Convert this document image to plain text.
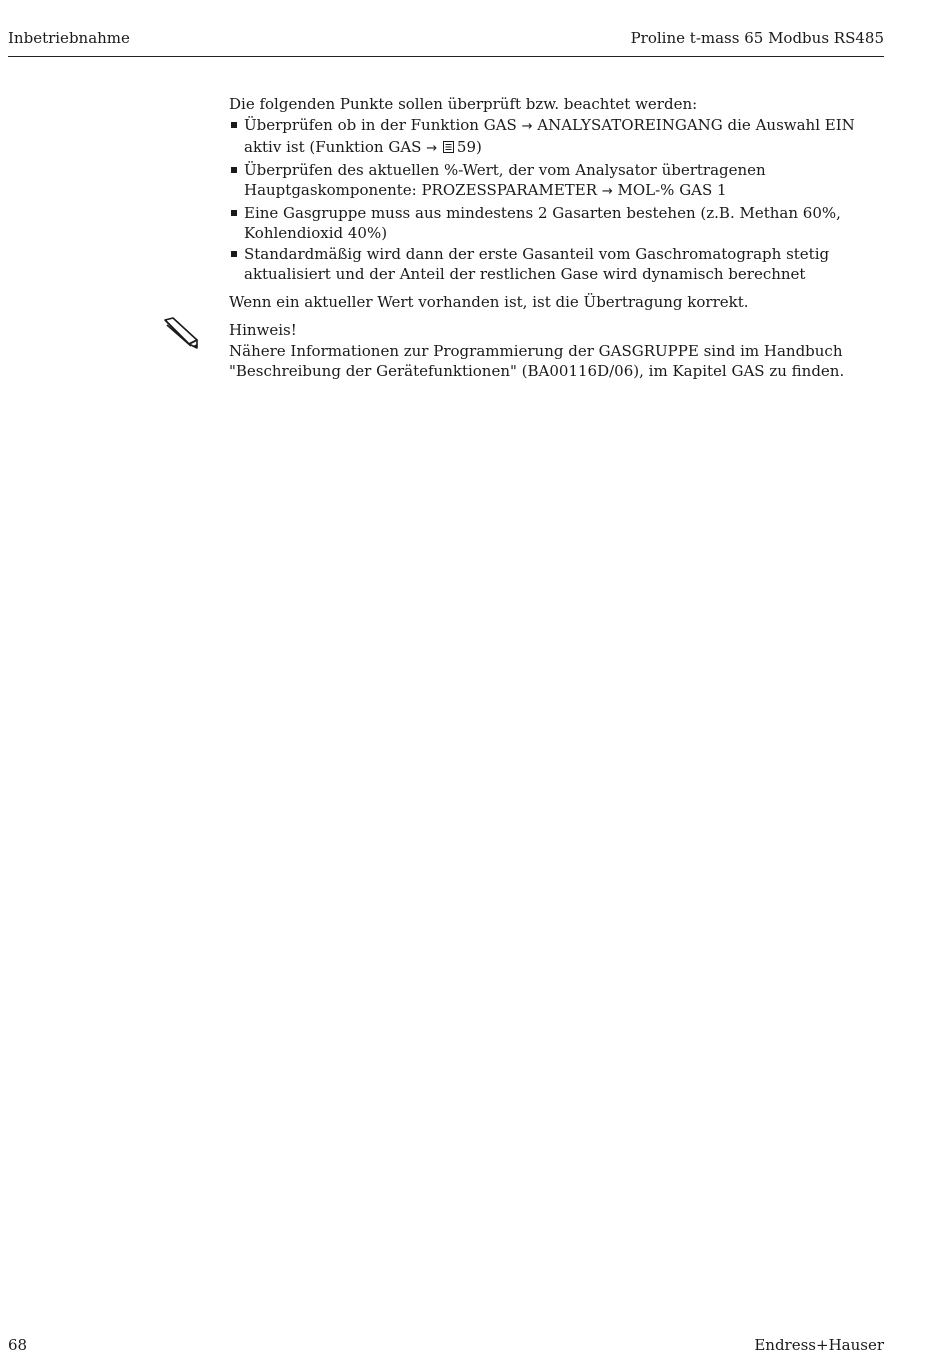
Inbetriebnahme	Proline t-mass 65 Modbus RS485

Die folgenden Punkte sollen überprüft bzw. beachtet werden:

Überprüfen ob in der Funktion GAS → ANALYSATOREINGANG die Auswahl EIN aktiv ist (Funktion GAS → 59)
Überprüfen des aktuellen %-Wert, der vom Analysator übertragenen Hauptgaskomponente: PROZESSPARAMETER → MOL-% GAS 1
Eine Gasgruppe muss aus mindestens 2 Gasarten bestehen (z.B. Methan 60%, Kohlendioxid 40%)
Standardmäßig wird dann der erste Gasanteil vom Gaschromatograph stetig aktualisiert und der Anteil der restlichen Gase wird dynamisch berechnet

Wenn ein aktueller Wert vorhanden ist, ist die Übertragung korrekt.

Hinweis!
Nähere Informationen zur Programmierung der GASGRUPPE sind im Handbuch "Beschreibung der Gerätefunktionen" (BA00116D/06), im Kapitel GAS zu finden.
68	Endress+Hauser
